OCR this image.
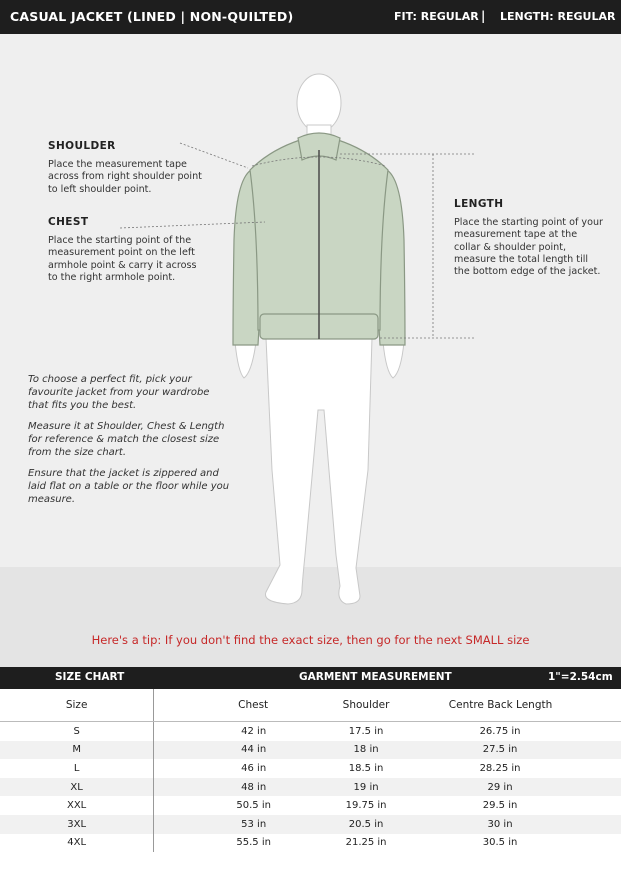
CASUAL JACKET (LINED | NON-QUILTED)	FIT: REGULAR | LENGTH: REGULAR
SHOULDER
Place the measurement tape
across from right shoulder point
to left shoulder point.
CHEST
Place the starting point of the
measurement point on the left
armhole point & carry it across
to the right armhole point.
LENGTH
Place the starting point of your
measurement tape at the
collar & shoulder point,
measure the total length till
the bottom edge of the jacket.

To choose a perfect fit, pick your
favourite jacket from your wardrobe
that fits you the best.

Measure it at Shoulder, Chest & Length
for reference & match the closest size
from the size chart.

Ensure that the jacket is zippered and
laid flat on a table or the floor while you
measure.

Here's a tip: If you don't find the exact size, then go for the next SMALL size
SIZE CHART	GARMENT MEASUREMENT	1"=2.54cm
Size	Chest	Shoulder	Centre Back Length
S	42 in	17.5 in	26.75 in
M	44 in	18 in	27.5 in
L	46 in	18.5 in	28.25 in
XL	48 in	19 in	29 in
XXL	50.5 in	19.75 in	29.5 in
3XL	53 in	20.5 in	30 in
4XL	55.5 in	21.25 in	30.5 in
